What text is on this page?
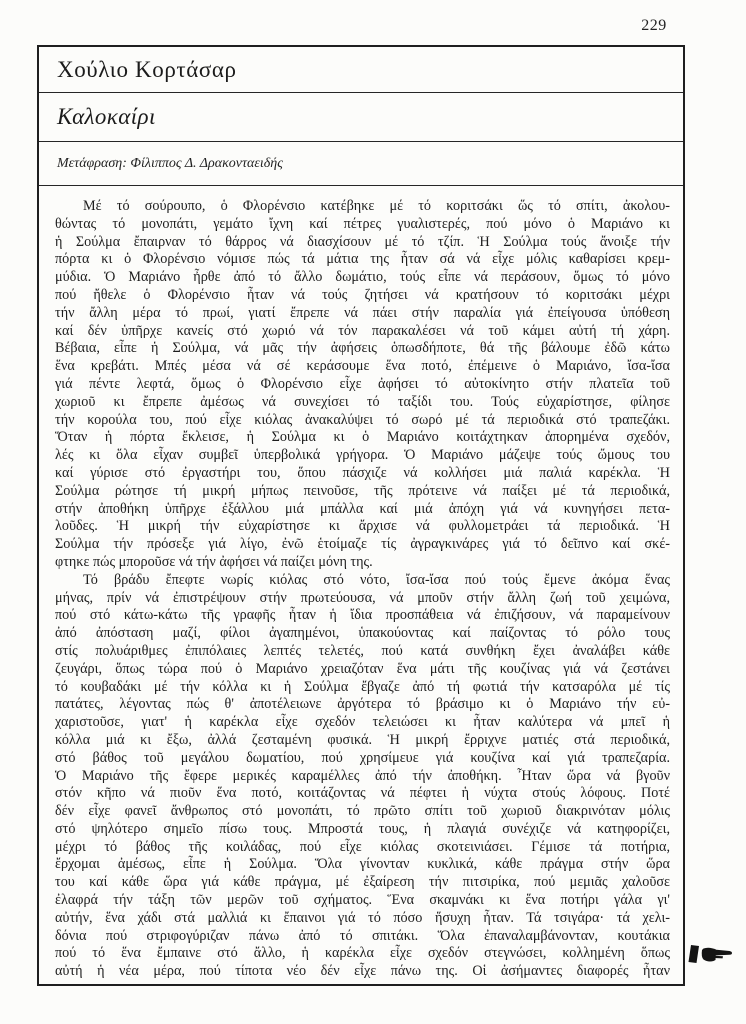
229
Χούλιο Κορτάσαρ
Καλοκαίρι
Μετάφραση: Φίλιππος Δ. Δρακονταειδής
Μέ τό σούρουπο, ὁ Φλορένσιο κατέβηκε μέ τό κοριτσάκι ὥς τό σπίτι, ἀκολου-
θώντας τό μονοπάτι, γεμάτο ἴχνη καί πέτρες γυαλιστερές, πού μόνο ὁ Μαριάνο κι
ἡ Σούλμα ἔπαιρναν τό θάρρος νά διασχίσουν μέ τό τζίπ. Ἡ Σούλμα τούς ἄνοιξε τήν
πόρτα κι ὁ Φλορένσιο νόμισε πώς τά μάτια της ἦταν σά νά εἶχε μόλις καθαρίσει κρεμ-
μύδια. Ὁ Μαριάνο ἦρθε ἀπό τό ἄλλο δωμάτιο, τούς εἶπε νά περάσουν, ὅμως τό μόνο
πού ἤθελε ὁ Φλορένσιο ἦταν νά τούς ζητήσει νά κρατήσουν τό κοριτσάκι μέχρι
τήν ἄλλη μέρα τό πρωί, γιατί ἔπρεπε νά πάει στήν παραλία γιά ἐπείγουσα ὑπόθεση
καί δέν ὑπῆρχε κανείς στό χωριό νά τόν παρακαλέσει νά τοῦ κάμει αὐτή τή χάρη.
Βέβαια, εἶπε ἡ Σούλμα, νά μᾶς τήν ἀφήσεις ὁπωσδήποτε, θά τῆς βάλουμε ἐδῶ κάτω
ἕνα κρεβάτι. Μπές μέσα νά σέ κεράσουμε ἕνα ποτό, ἐπέμεινε ὁ Μαριάνο, ἴσα-ἴσα
γιά πέντε λεφτά, ὅμως ὁ Φλορένσιο εἶχε ἀφήσει τό αὐτοκίνητο στήν πλατεῖα τοῦ
χωριοῦ κι ἔπρεπε ἀμέσως νά συνεχίσει τό ταξίδι του. Τούς εὐχαρίστησε, φίλησε
τήν κορούλα του, πού εἶχε κιόλας ἀνακαλύψει τό σωρό μέ τά περιοδικά στό τραπεζάκι.
Ὅταν ἡ πόρτα ἔκλεισε, ἡ Σούλμα κι ὁ Μαριάνο κοιτάχτηκαν ἀπορημένα σχεδόν,
λές κι ὅλα εἶχαν συμβεῖ ὑπερβολικά γρήγορα. Ὁ Μαριάνο μάζεψε τούς ὤμους του
καί γύρισε στό ἐργαστήρι του, ὅπου πάσχιζε νά κολλήσει μιά παλιά καρέκλα. Ἡ
Σούλμα ρώτησε τή μικρή μήπως πεινοῦσε, τῆς πρότεινε νά παίξει μέ τά περιοδικά,
στήν ἀποθήκη ὑπῆρχε ἐξάλλου μιά μπάλλα καί μιά ἀπόχη γιά νά κυνηγήσει πετα-
λοῦδες. Ἡ μικρή τήν εὐχαρίστησε κι ἄρχισε νά φυλλομετράει τά περιοδικά. Ἡ
Σούλμα τήν πρόσεξε γιά λίγο, ἐνῶ ἑτοίμαζε τίς ἀγραγκινάρες γιά τό δεῖπνο καί σκέ-
φτηκε πώς μποροῦσε νά τήν ἀφήσει νά παίζει μόνη της.
Τό βράδυ ἔπεφτε νωρίς κιόλας στό νότο, ἴσα-ἴσα πού τούς ἔμενε ἀκόμα ἕνας
μήνας, πρίν νά ἐπιστρέψουν στήν πρωτεύουσα, νά μποῦν στήν ἄλλη ζωή τοῦ χειμώνα,
πού στό κάτω-κάτω τῆς γραφῆς ἦταν ἡ ἴδια προσπάθεια νά ἐπιζήσουν, νά παραμείνουν
ἀπό ἀπόσταση μαζί, φίλοι ἀγαπημένοι, ὑπακούοντας καί παίζοντας τό ρόλο τους
στίς πολυάριθμες ἐπιπόλαιες λεπτές τελετές, πού κατά συνθήκη ἔχει ἀναλάβει κάθε
ζευγάρι, ὅπως τώρα πού ὁ Μαριάνο χρειαζόταν ἕνα μάτι τῆς κουζίνας γιά νά ζεστάνει
τό κουβαδάκι μέ τήν κόλλα κι ἡ Σούλμα ἔβγαζε ἀπό τή φωτιά τήν κατσαρόλα μέ τίς
πατάτες, λέγοντας πώς θ' ἀποτέλειωνε ἀργότερα τό βράσιμο κι ὁ Μαριάνο τήν εὐ-
χαριστοῦσε, γιατ' ἡ καρέκλα εἶχε σχεδόν τελειώσει κι ἦταν καλύτερα νά μπεῖ ἡ
κόλλα μιά κι ἔξω, ἀλλά ζεσταμένη φυσικά. Ἡ μικρή ἔρριχνε ματιές στά περιοδικά,
στό βάθος τοῦ μεγάλου δωματίου, πού χρησίμευε γιά κουζίνα καί γιά τραπεζαρία.
Ὁ Μαριάνο τῆς ἔφερε μερικές καραμέλλες ἀπό τήν ἀποθήκη. Ἦταν ὥρα νά βγοῦν
στόν κῆπο νά πιοῦν ἕνα ποτό, κοιτάζοντας νά πέφτει ἡ νύχτα στούς λόφους. Ποτέ
δέν εἶχε φανεῖ ἄνθρωπος στό μονοπάτι, τό πρῶτο σπίτι τοῦ χωριοῦ διακρινόταν μόλις
στό ψηλότερο σημεῖο πίσω τους. Μπροστά τους, ἡ πλαγιά συνέχιζε νά κατηφορίζει,
μέχρι τό βάθος τῆς κοιλάδας, πού εἶχε κιόλας σκοτεινιάσει. Γέμισε τά ποτήρια,
ἔρχομαι ἀμέσως, εἶπε ἡ Σούλμα. Ὅλα γίνονταν κυκλικά, κάθε πράγμα στήν ὥρα
του καί κάθε ὥρα γιά κάθε πράγμα, μέ ἐξαίρεση τήν πιτσιρίκα, πού μεμιᾶς χαλοῦσε
ἐλαφρά τήν τάξη τῶν μερῶν τοῦ σχήματος. Ἕνα σκαμνάκι κι ἕνα ποτήρι γάλα γι'
αὐτήν, ἕνα χάδι στά μαλλιά κι ἔπαινοι γιά τό πόσο ἥσυχη ἦταν. Τά τσιγάρα· τά χελι-
δόνια πού στριφογύριζαν πάνω ἀπό τό σπιτάκι. Ὅλα ἐπαναλαμβάνονταν, κουτάκια
πού τό ἕνα ἔμπαινε στό ἄλλο, ἡ καρέκλα εἶχε σχεδόν στεγνώσει, κολλημένη ὅπως
αὐτή ἡ νέα μέρα, πού τίποτα νέο δέν εἶχε πάνω της. Οἱ ἀσήμαντες διαφορές ἦταν
